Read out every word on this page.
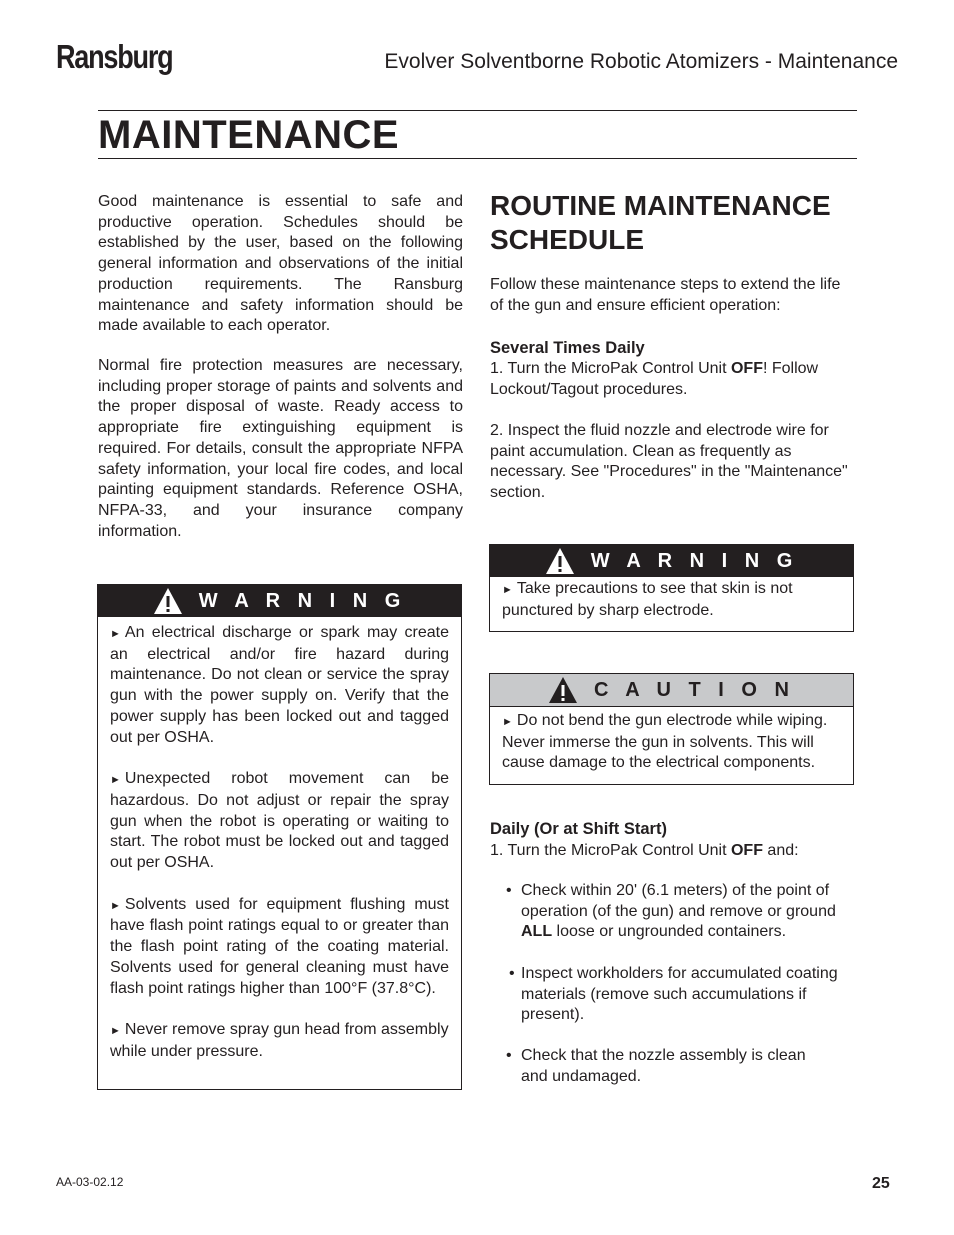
Ransburg	Evolver Solventborne Robotic Atomizers - Maintenance
MAINTENANCE

Good maintenance is essential to safe and productive operation. Schedules should be established by the user, based on the following general information and observations of the initial production requirements. The Ransburg maintenance and safety information should be made available to each operator.

Normal fire protection measures are necessary, including proper storage of paints and solvents and the proper disposal of waste. Ready access to appropriate fire extinguishing equipment is required. For details, consult the appropriate NFPA safety information, your local fire codes, and local painting equipment standards. Reference OSHA, NFPA-33, and your insurance company information.

W A R N I N G

► An electrical discharge or spark may create an electrical and/or fire hazard during maintenance. Do not clean or service the spray gun with the power supply on. Verify that the power supply has been locked out and tagged out per OSHA.

► Unexpected robot movement can be hazardous. Do not adjust or repair the spray gun when the robot is operating or waiting to start. The robot must be locked out and tagged out per OSHA.

► Solvents used for equipment flushing must have flash point ratings equal to or greater than the flash point rating of the coating material. Solvents used for general cleaning must have flash point ratings higher than 100°F (37.8°C).

► Never remove spray gun head from assembly while under pressure.

ROUTINE MAINTENANCE SCHEDULE

Follow these maintenance steps to extend the life of the gun and ensure efficient operation:

Several Times Daily

1. Turn the MicroPak Control Unit OFF! Follow Lockout/Tagout procedures.

2. Inspect the fluid nozzle and electrode wire for paint accumulation. Clean as frequently as necessary. See "Procedures" in the "Maintenance" section.

W A R N I N G

► Take precautions to see that skin is not punctured by sharp electrode.

C A U T I O N

► Do not bend the gun electrode while wiping. Never immerse the gun in solvents. This will cause damage to the electrical components.

Daily (Or at Shift Start)

1. Turn the MicroPak Control Unit OFF and:

• Check within 20' (6.1 meters) of the point of operation (of the gun) and remove or ground ALL loose or ungrounded containers.
• Inspect workholders for accumulated coating materials (remove such accumulations if present).
• Check that the nozzle assembly is clean and undamaged.
AA-03-02.12	25
